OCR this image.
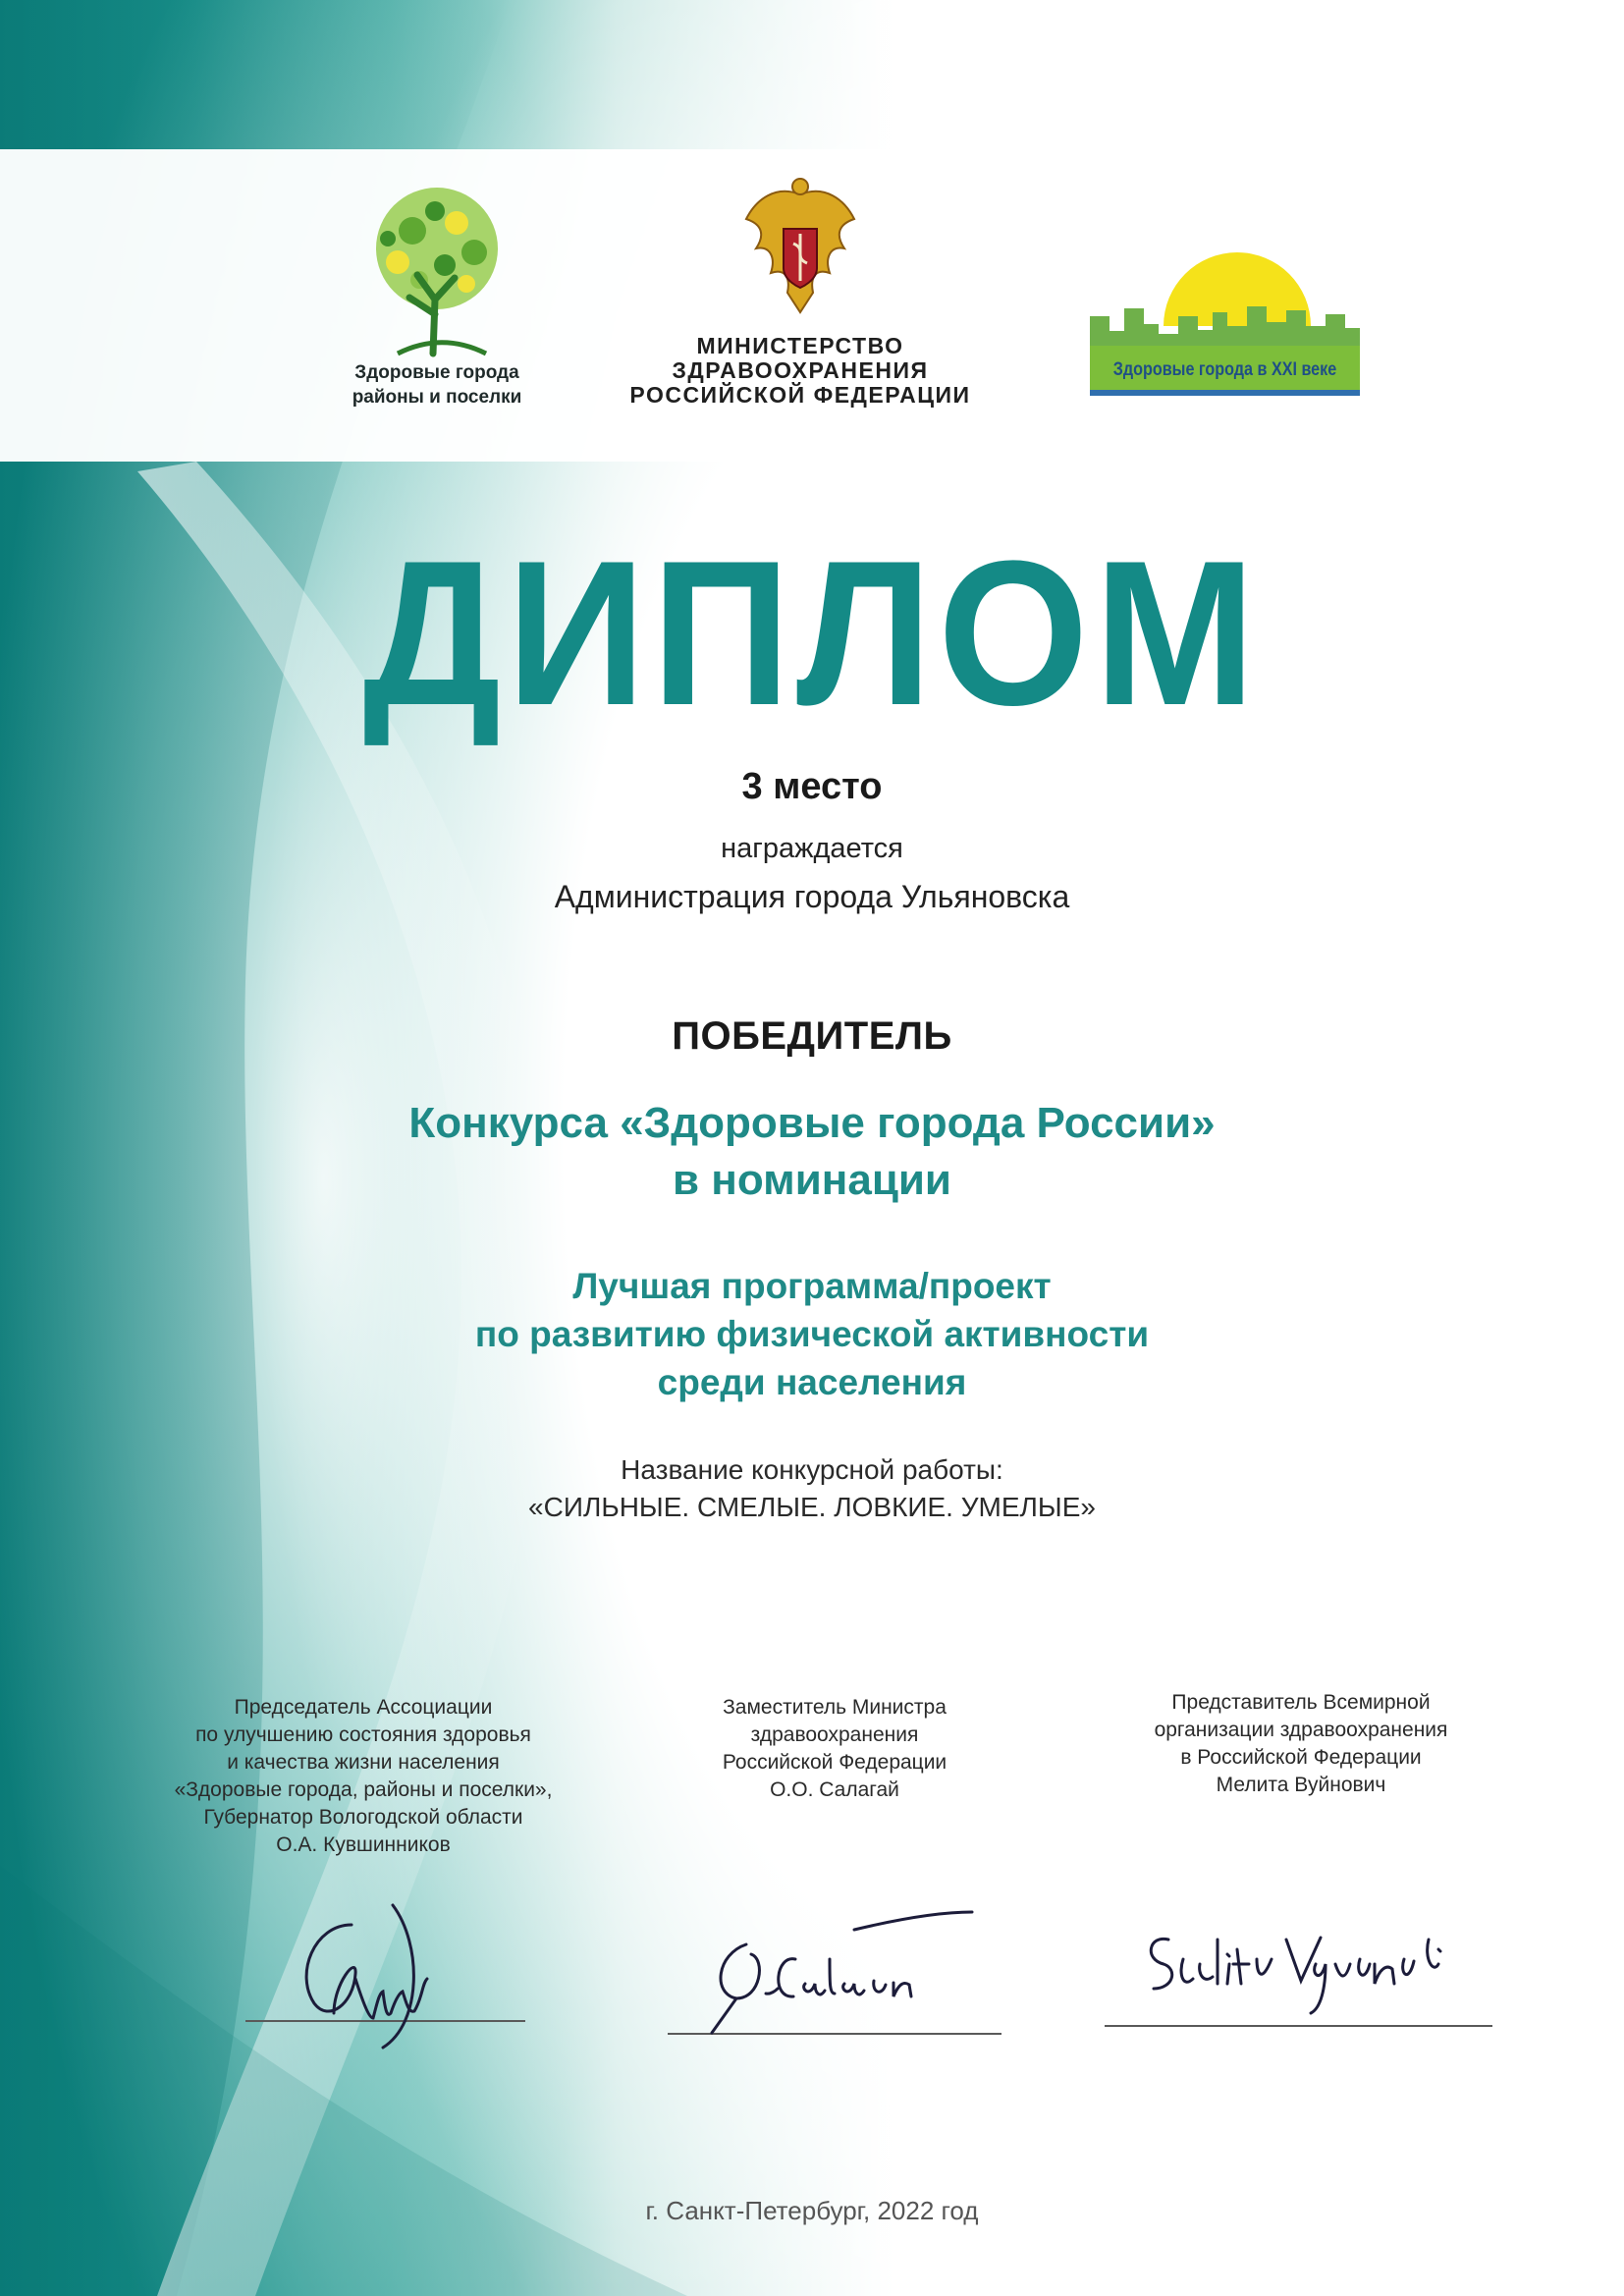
Здоровые города
районы и поселки
МИНИСТЕРСТВО
ЗДРАВООХРАНЕНИЯ
РОССИЙСКОЙ ФЕДЕРАЦИИ
Здоровые города в XXI веке
ДИПЛОМ
3 место
награждается
Администрация города Ульяновска
ПОБЕДИТЕЛЬ
Конкурса «Здоровые города России»
в номинации
Лучшая программа/проект
по развитию физической активности
среди населения
Название конкурсной работы:
«СИЛЬНЫЕ. СМЕЛЫЕ. ЛОВКИЕ. УМЕЛЫЕ»
Председатель Ассоциации
по улучшению состояния здоровья
и качества жизни населения
«Здоровые города, районы и поселки»,
Губернатор Вологодской области
О.А. Кувшинников
Заместитель Министра
здравоохранения
Российской Федерации
О.О. Салагай
Представитель Всемирной
организации здравоохранения
в Российской Федерации
Мелита Вуйнович
г. Санкт-Петербург, 2022 год
